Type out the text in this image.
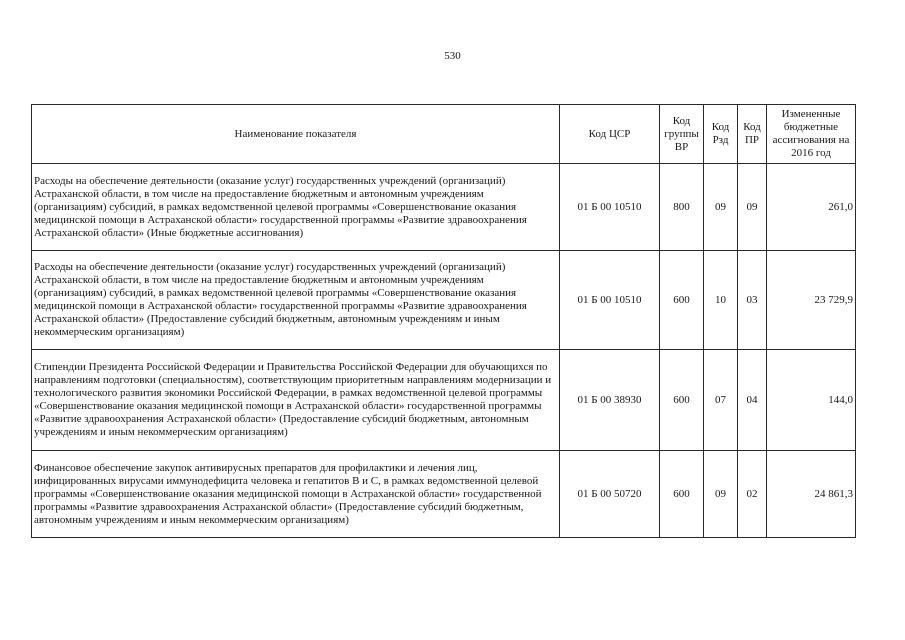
530
Наименование показателя	Код ЦСР	Код группы ВР	Код Рзд	Код ПР	Измененные бюджетные ассигнования на 2016 год
Расходы на обеспечение деятельности (оказание услуг) государственных учреждений (организаций) Астраханской области, в том числе на предоставление бюджетным и автономным учреждениям (организациям) субсидий, в рамках ведомственной целевой программы «Совершенствование оказания медицинской помощи в Астраханской области» государственной программы «Развитие здравоохранения Астраханской области» (Иные бюджетные ассигнования)	01 Б 00 10510	800	09	09	261,0
Расходы на обеспечение деятельности (оказание услуг) государственных учреждений (организаций) Астраханской области, в том числе на предоставление бюджетным и автономным учреждениям (организациям) субсидий, в рамках ведомственной целевой программы «Совершенствование оказания медицинской помощи в Астраханской области» государственной программы «Развитие здравоохранения Астраханской области» (Предоставление субсидий бюджетным, автономным учреждениям и иным некоммерческим организациям)	01 Б 00 10510	600	10	03	23 729,9
Стипендии Президента Российской Федерации и Правительства Российской Федерации для обучающихся по направлениям подготовки (специальностям), соответствующим приоритетным направлениям модернизации и технологического развития экономики Российской Федерации, в рамках ведомственной целевой программы «Совершенствование оказания медицинской помощи в Астраханской области» государственной программы «Развитие здравоохранения Астраханской области» (Предоставление субсидий бюджетным, автономным учреждениям и иным некоммерческим организациям)	01 Б 00 38930	600	07	04	144,0
Финансовое обеспечение закупок антивирусных препаратов для профилактики и лечения лиц, инфицированных вирусами иммунодефицита человека и гепатитов В и С, в рамках ведомственной целевой программы «Совершенствование оказания медицинской помощи в Астраханской области» государственной программы «Развитие здравоохранения Астраханской области» (Предоставление субсидий бюджетным, автономным учреждениям и иным некоммерческим организациям)	01 Б 00 50720	600	09	02	24 861,3
